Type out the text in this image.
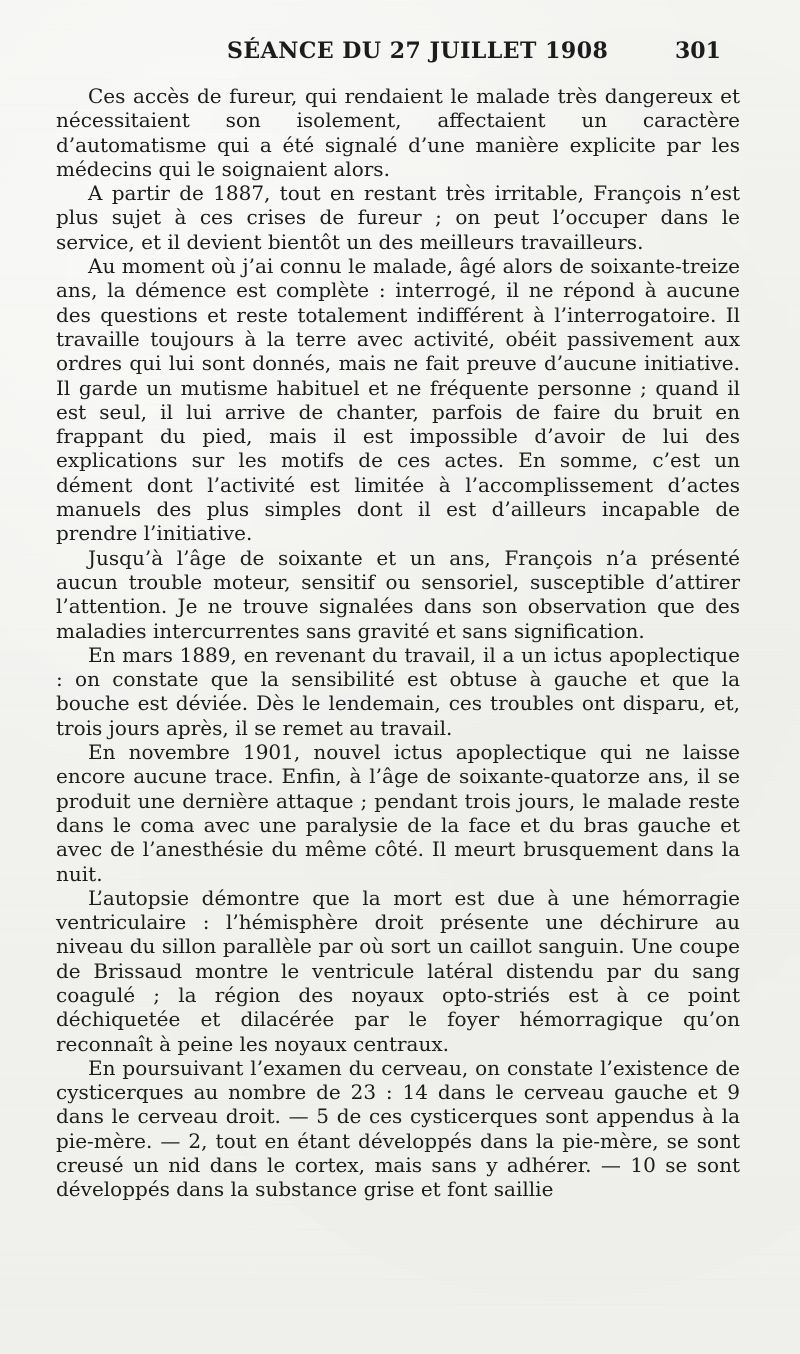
SÉANCE DU 27 JUILLET 1908	301

Ces accès de fureur, qui rendaient le malade très dangereux et nécessitaient son isolement, affectaient un caractère d’automatisme qui a été signalé d’une manière explicite par les médecins qui le soignaient alors.

A partir de 1887, tout en restant très irritable, François n’est plus sujet à ces crises de fureur ; on peut l’occuper dans le service, et il devient bientôt un des meilleurs travailleurs.

Au moment où j’ai connu le malade, âgé alors de soixante-treize ans, la démence est complète : interrogé, il ne répond à aucune des questions et reste totalement indifférent à l’interrogatoire. Il travaille toujours à la terre avec activité, obéit passivement aux ordres qui lui sont donnés, mais ne fait preuve d’aucune initiative. Il garde un mutisme habituel et ne fréquente personne ; quand il est seul, il lui arrive de chanter, parfois de faire du bruit en frappant du pied, mais il est impossible d’avoir de lui des explications sur les motifs de ces actes. En somme, c’est un dément dont l’activité est limitée à l’accomplissement d’actes manuels des plus simples dont il est d’ailleurs incapable de prendre l’initiative.

Jusqu’à l’âge de soixante et un ans, François n’a présenté aucun trouble moteur, sensitif ou sensoriel, susceptible d’attirer l’attention. Je ne trouve signalées dans son observation que des maladies intercurrentes sans gravité et sans signification.

En mars 1889, en revenant du travail, il a un ictus apoplectique : on constate que la sensibilité est obtuse à gauche et que la bouche est déviée. Dès le lendemain, ces troubles ont disparu, et, trois jours après, il se remet au travail.

En novembre 1901, nouvel ictus apoplectique qui ne laisse encore aucune trace. Enfin, à l’âge de soixante-quatorze ans, il se produit une dernière attaque ; pendant trois jours, le malade reste dans le coma avec une paralysie de la face et du bras gauche et avec de l’anesthésie du même côté. Il meurt brusquement dans la nuit.

L’autopsie démontre que la mort est due à une hémorragie ventriculaire : l’hémisphère droit présente une déchirure au niveau du sillon parallèle par où sort un caillot sanguin. Une coupe de Brissaud montre le ventricule latéral distendu par du sang coagulé ; la région des noyaux opto-striés est à ce point déchiquetée et dilacérée par le foyer hémorragique qu’on reconnaît à peine les noyaux centraux.

En poursuivant l’examen du cerveau, on constate l’existence de cysticerques au nombre de 23 : 14 dans le cerveau gauche et 9 dans le cerveau droit. — 5 de ces cysticerques sont appendus à la pie-mère. — 2, tout en étant développés dans la pie-mère, se sont creusé un nid dans le cortex, mais sans y adhérer. — 10 se sont développés dans la substance grise et font saillie
